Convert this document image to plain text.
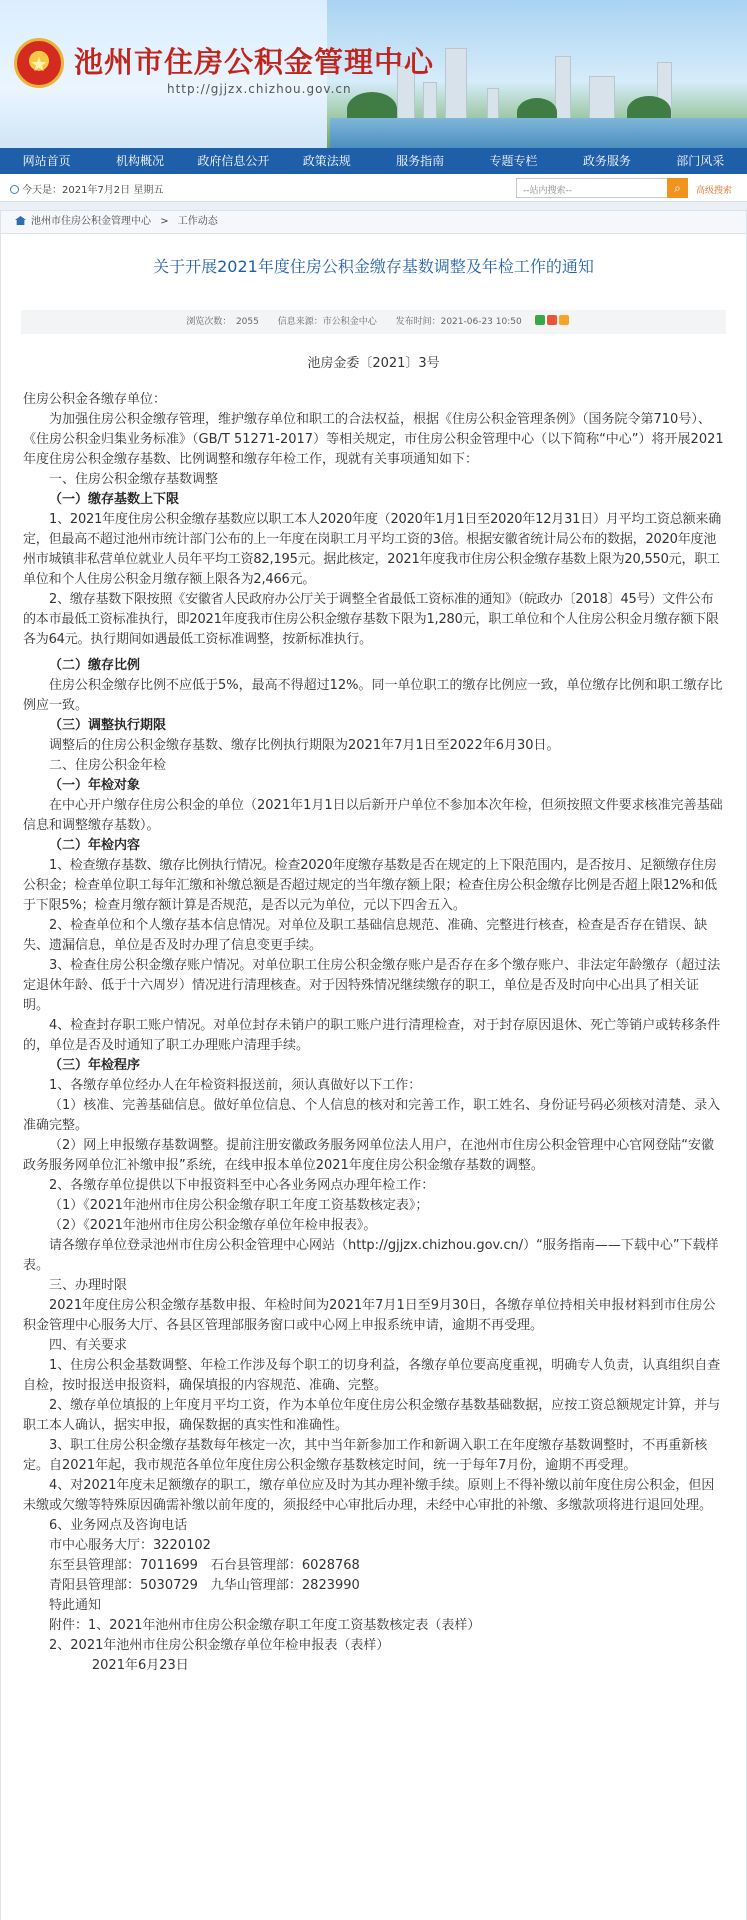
★ 池州市住房公积金管理中心
http://gjjzx.chizhou.gov.cn
网站首页	机构概况	政府信息公开	政策法规	服务指南	专题专栏	政务服务	部门风采
今天是：2021年7月2日 星期五	--站内搜索--	⌕	高级搜索
池州市住房公积金管理中心 > 工作动态
关于开展2021年度住房公积金缴存基数调整及年检工作的通知
浏览次数：　 2055 信息来源：市公积金中心 发布时间：2021-06-23 10:50
池房金委〔2021〕3号

住房公积金各缴存单位：

为加强住房公积金缴存管理，维护缴存单位和职工的合法权益，根据《住房公积金管理条例》（国务院令第710号）、《住房公积金归集业务标准》（GB/T 51271-2017）等相关规定，市住房公积金管理中心（以下简称“中心”）将开展2021年度住房公积金缴存基数、比例调整和缴存年检工作，现就有关事项通知如下：

一、住房公积金缴存基数调整

（一）缴存基数上下限

1、2021年度住房公积金缴存基数应以职工本人2020年度（2020年1月1日至2020年12月31日）月平均工资总额来确定，但最高不超过池州市统计部门公布的上一年度在岗职工月平均工资的3倍。根据安徽省统计局公布的数据，2020年度池州市城镇非私营单位就业人员年平均工资82,195元。据此核定，2021年度我市住房公积金缴存基数上限为20,550元，职工单位和个人住房公积金月缴存额上限各为2,466元。

2、缴存基数下限按照《安徽省人民政府办公厅关于调整全省最低工资标准的通知》（皖政办〔2018〕45号）文件公布的本市最低工资标准执行，即2021年度我市住房公积金缴存基数下限为1,280元，职工单位和个人住房公积金月缴存额下限各为64元。执行期间如遇最低工资标准调整，按新标准执行。

（二）缴存比例

住房公积金缴存比例不应低于5%，最高不得超过12%。同一单位职工的缴存比例应一致，单位缴存比例和职工缴存比例应一致。

（三）调整执行期限

调整后的住房公积金缴存基数、缴存比例执行期限为2021年7月1日至2022年6月30日。

二、住房公积金年检

（一）年检对象

在中心开户缴存住房公积金的单位（2021年1月1日以后新开户单位不参加本次年检，但须按照文件要求核准完善基础信息和调整缴存基数）。

（二）年检内容

1、检查缴存基数、缴存比例执行情况。检查2020年度缴存基数是否在规定的上下限范围内，是否按月、足额缴存住房公积金；检查单位职工每年汇缴和补缴总额是否超过规定的当年缴存额上限；检查住房公积金缴存比例是否超上限12%和低于下限5%；检查月缴存额计算是否规范，是否以元为单位，元以下四舍五入。

2、检查单位和个人缴存基本信息情况。对单位及职工基础信息规范、准确、完整进行核查，检查是否存在错误、缺失、遗漏信息，单位是否及时办理了信息变更手续。

3、检查住房公积金缴存账户情况。对单位职工住房公积金缴存账户是否存在多个缴存账户、非法定年龄缴存（超过法定退休年龄、低于十六周岁）情况进行清理核查。对于因特殊情况继续缴存的职工，单位是否及时向中心出具了相关证明。

4、检查封存职工账户情况。对单位封存未销户的职工账户进行清理检查，对于封存原因退休、死亡等销户或转移条件的，单位是否及时通知了职工办理账户清理手续。

（三）年检程序

1、各缴存单位经办人在年检资料报送前，须认真做好以下工作：

（1）核准、完善基础信息。做好单位信息、个人信息的核对和完善工作，职工姓名、身份证号码必须核对清楚、录入准确完整。

（2）网上申报缴存基数调整。提前注册安徽政务服务网单位法人用户，在池州市住房公积金管理中心官网登陆“安徽政务服务网单位汇补缴申报”系统，在线申报本单位2021年度住房公积金缴存基数的调整。

2、各缴存单位提供以下申报资料至中心各业务网点办理年检工作：

（1）《2021年池州市住房公积金缴存职工年度工资基数核定表》；

（2）《2021年池州市住房公积金缴存单位年检申报表》。

请各缴存单位登录池州市住房公积金管理中心网站（http://gjjzx.chizhou.gov.cn/）“服务指南——下载中心”下载样表。

三、办理时限

2021年度住房公积金缴存基数申报、年检时间为2021年7月1日至9月30日，各缴存单位持相关申报材料到市住房公积金管理中心服务大厅、各县区管理部服务窗口或中心网上申报系统申请，逾期不再受理。

四、有关要求

1、住房公积金基数调整、年检工作涉及每个职工的切身利益，各缴存单位要高度重视，明确专人负责，认真组织自查自检，按时报送申报资料，确保填报的内容规范、准确、完整。

2、缴存单位填报的上年度月平均工资，作为本单位年度住房公积金缴存基数基础数据，应按工资总额规定计算，并与职工本人确认，据实申报，确保数据的真实性和准确性。

3、职工住房公积金缴存基数每年核定一次，其中当年新参加工作和新调入职工在年度缴存基数调整时，不再重新核定。自2021年起，我市规范各单位年度住房公积金缴存基数核定时间，统一于每年7月份，逾期不再受理。

4、对2021年度未足额缴存的职工，缴存单位应及时为其办理补缴手续。原则上不得补缴以前年度住房公积金，但因未缴或欠缴等特殊原因确需补缴以前年度的，须报经中心审批后办理，未经中心审批的补缴、多缴款项将进行退回处理。

6、业务网点及咨询电话

市中心服务大厅：3220102

东至县管理部：7011699　石台县管理部：6028768

青阳县管理部：5030729　九华山管理部：2823990

特此通知

附件：1、2021年池州市住房公积金缴存职工年度工资基数核定表（表样）

2、2021年池州市住房公积金缴存单位年检申报表（表样）

2021年6月23日
